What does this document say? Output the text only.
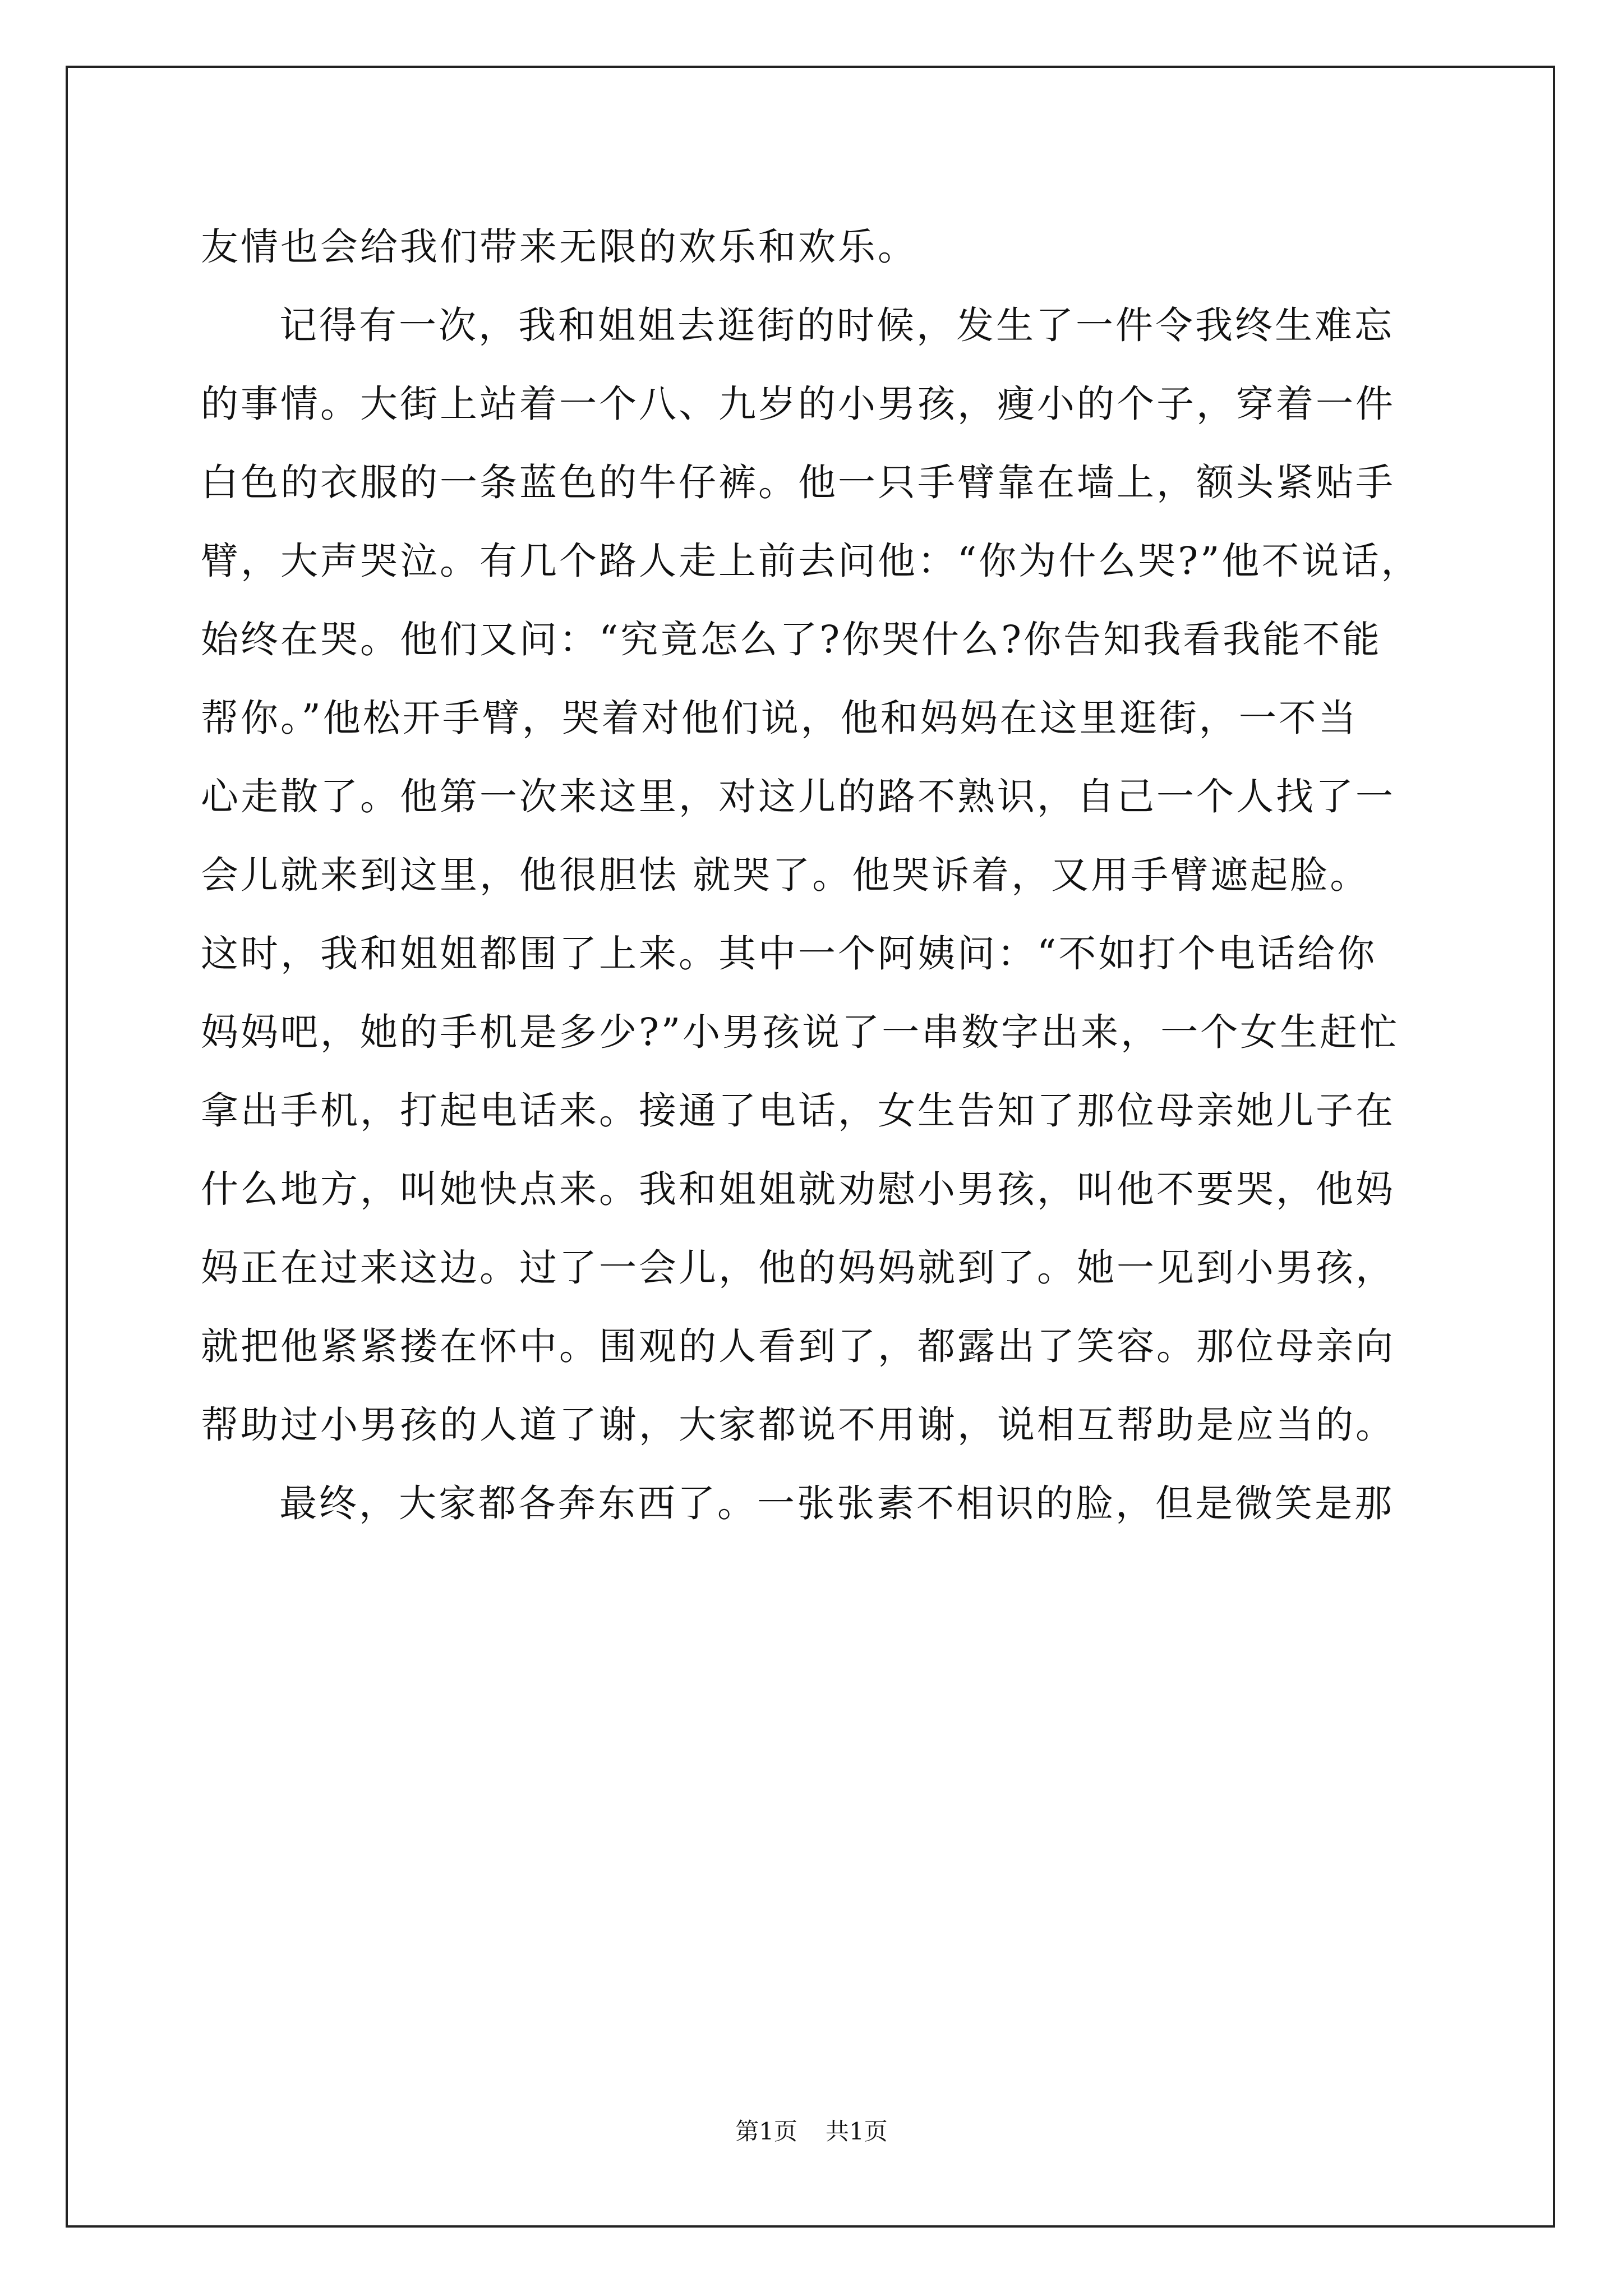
友情也会给我们带来无限的欢乐和欢乐。
记得有一次，我和姐姐去逛街的时候，发生了一件令我终生难忘
的事情。大街上站着一个八、九岁的小男孩，瘦小的个子，穿着一件
白色的衣服的一条蓝色的牛仔裤。他一只手臂靠在墙上，额头紧贴手
臂，大声哭泣。有几个路人走上前去问他：“你为什么哭?”他不说话，
始终在哭。他们又问：“究竟怎么了?你哭什么?你告知我看我能不能
帮你。”他松开手臂，哭着对他们说，他和妈妈在这里逛街，一不当
心走散了。他第一次来这里，对这儿的路不熟识，自己一个人找了一
会儿就来到这里，他很胆怯 就哭了。他哭诉着，又用手臂遮起脸。
这时，我和姐姐都围了上来。其中一个阿姨问：“不如打个电话给你
妈妈吧，她的手机是多少?”小男孩说了一串数字出来，一个女生赶忙
拿出手机，打起电话来。接通了电话，女生告知了那位母亲她儿子在
什么地方，叫她快点来。我和姐姐就劝慰小男孩，叫他不要哭，他妈
妈正在过来这边。过了一会儿，他的妈妈就到了。她一见到小男孩，
就把他紧紧搂在怀中。围观的人看到了，都露出了笑容。那位母亲向
帮助过小男孩的人道了谢，大家都说不用谢，说相互帮助是应当的。
最终，大家都各奔东西了。一张张素不相识的脸，但是微笑是那
第1页 共1页
